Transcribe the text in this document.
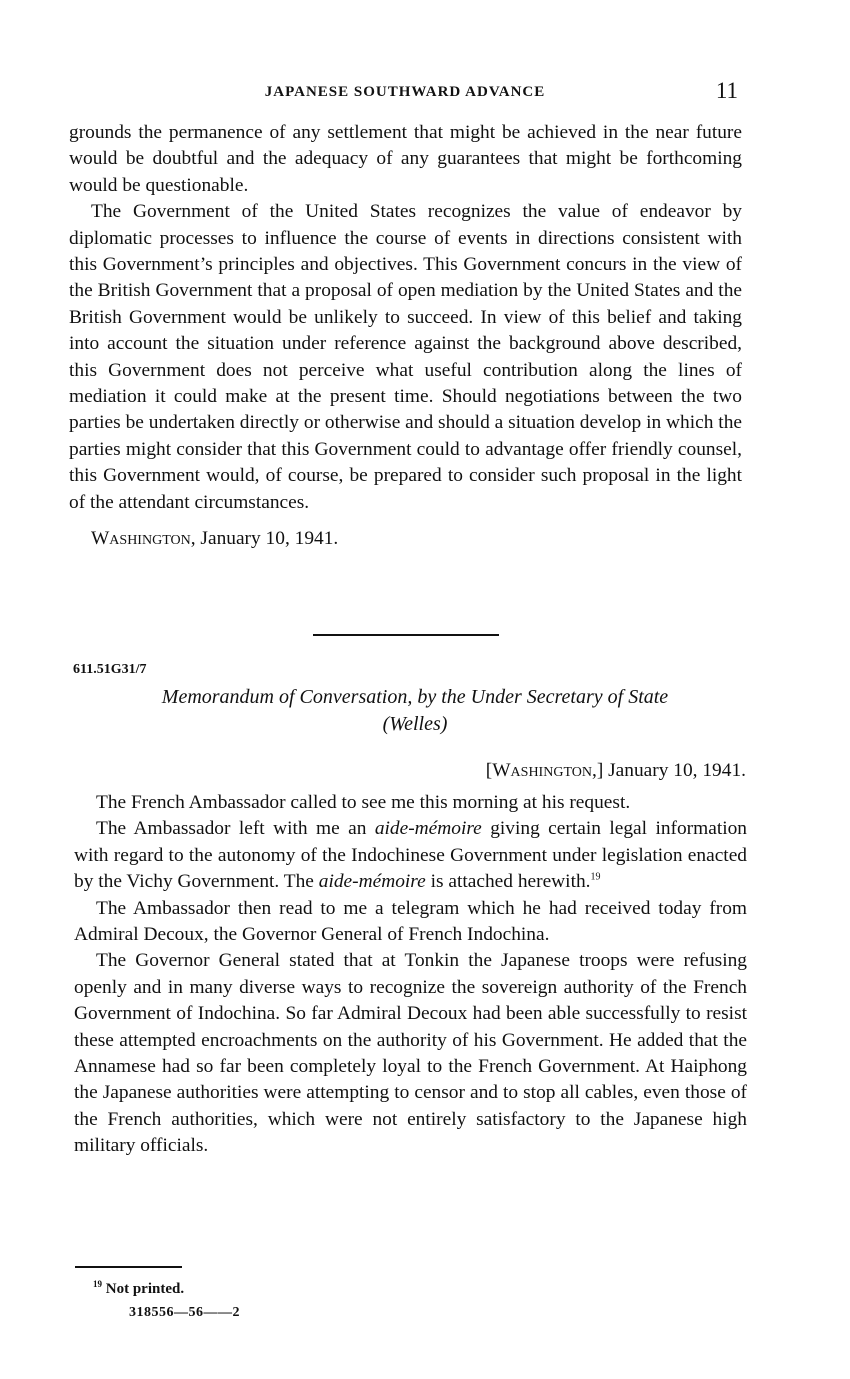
JAPANESE SOUTHWARD ADVANCE	11

grounds the permanence of any settlement that might be achieved in the near future would be doubtful and the adequacy of any guarantees that might be forthcoming would be questionable.

The Government of the United States recognizes the value of endeavor by diplomatic processes to influence the course of events in directions consistent with this Government’s principles and objectives. This Government concurs in the view of the British Government that a proposal of open mediation by the United States and the British Government would be unlikely to succeed. In view of this belief and taking into account the situation under reference against the background above described, this Government does not perceive what useful contribution along the lines of mediation it could make at the present time. Should negotiations between the two parties be undertaken directly or otherwise and should a situation develop in which the parties might consider that this Government could to advantage offer friendly counsel, this Government would, of course, be prepared to consider such proposal in the light of the attendant circumstances.

Washington, January 10, 1941.

611.51G31/7
Memorandum of Conversation, by the Under Secretary of State
(Welles)
[Washington,] January 10, 1941.

The French Ambassador called to see me this morning at his request.

The Ambassador left with me an aide-mémoire giving certain legal information with regard to the autonomy of the Indochinese Government under legislation enacted by the Vichy Government. The aide-mémoire is attached herewith.$^{19}$

The Ambassador then read to me a telegram which he had received today from Admiral Decoux, the Governor General of French Indochina.

The Governor General stated that at Tonkin the Japanese troops were refusing openly and in many diverse ways to recognize the sovereign authority of the French Government of Indochina. So far Admiral Decoux had been able successfully to resist these attempted encroachments on the authority of his Government. He added that the Annamese had so far been completely loyal to the French Government. At Haiphong the Japanese authorities were attempting to censor and to stop all cables, even those of the French authorities, which were not entirely satisfactory to the Japanese high military officials.

$^{19}$ Not printed.
318556—56——2
